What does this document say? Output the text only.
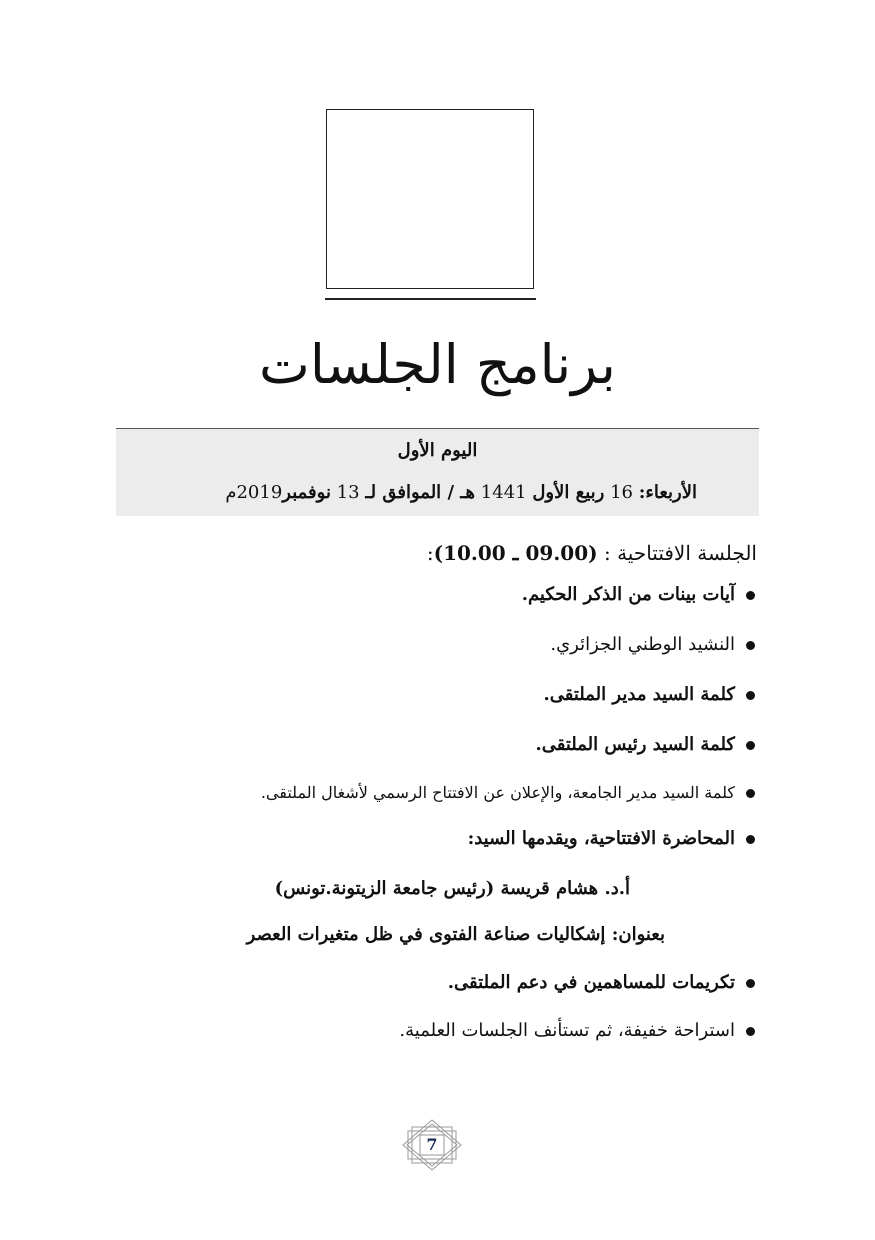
برنامج الجلسات
اليوم الأول
الأربعاء: 16 ربيع الأول 1441 هـ / الموافق لـ 13 نوفمبر2019م
الجلسة الافتتاحية : (09.00 ـ 10.00):
آيات بينات من الذكر الحكيم.
النشيد الوطني الجزائري.
كلمة السيد مدير الملتقى.
كلمة السيد رئيس الملتقى.
كلمة السيد مدير الجامعة، والإعلان عن الافتتاح الرسمي لأشغال الملتقى.
المحاضرة الافتتاحية، ويقدمها السيد:
أ.د. هشام قريسة (رئيس جامعة الزيتونة.تونس)
بعنوان: إشكاليات صناعة الفتوى في ظل متغيرات العصر
تكريمات للمساهمين في دعم الملتقى.
استراحة خفيفة، ثم تستأنف الجلسات العلمية.
7
